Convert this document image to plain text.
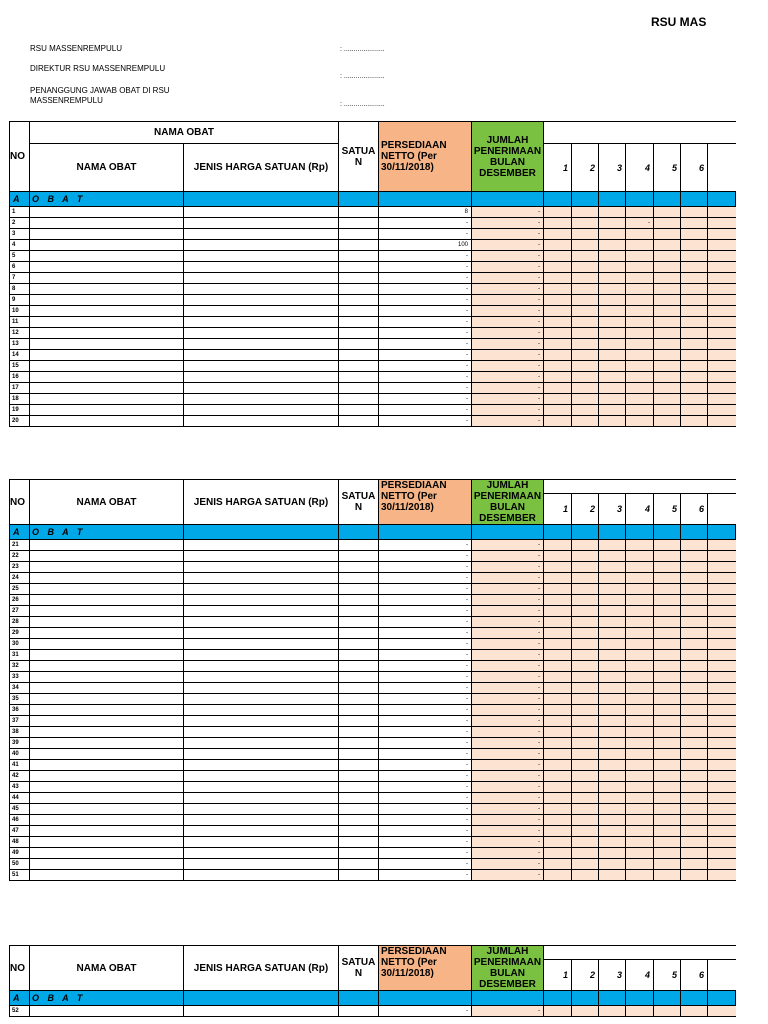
RSU MAS
RSU MASSENREMPULU	: .....................
DIREKTUR RSU MASSENREMPULU
: .....................
PENANGGUNG JAWAB OBAT DI RSU MASSENREMPULU	: .....................
NO	NAMA OBAT		SATUA N	PERSEDIAAN NETTO (Per 30/11/2018)	JUMLAH PENERIMAAN BULAN DESEMBER							
	NAMA OBAT	JENIS HARGA SATUAN (Rp)				1	2	3	4	5	6	
A	O B A T											
1				8	-							
2				-	-				-			
3				-	-							
4				100	-							
5				-	-							
6				-	-							
7				-	-							
8				-	-							
9				-	-							
10				-	-							
11				-	-							
12				-	-							
13				-	-							
14				-	-							
15				-	-							
16				-	-							
17				-	-							
18				-	-							
19				-	-							
20				-	-							
NO	NAMA OBAT	JENIS HARGA SATUAN (Rp)	SATUA N	PERSEDIAAN NETTO (Per 30/11/2018)	JUMLAH PENERIMAAN BULAN DESEMBER							
						1	2	3	4	5	6	
A	O B A T											
21				-	-							
22				-	-							
23				-	-							
24				-	-							
25				-	-							
26				-	-							
27				-	-							
28				-	-							
29				-	-							
30				-	-							
31				-	-							
32				-	-							
33				-	-							
34				-	-							
35				-	-							
36				-	-							
37				-	-							
38				-	-							
39				-	-							
40				-	-							
41				-	-							
42				-	-							
43				-	-							
44				-	-							
45				-	-							
46				-	-							
47				-	-							
48				-	-							
49				-	-							
50				-	-							
51				-	-							
NO	NAMA OBAT	JENIS HARGA SATUAN (Rp)	SATUA N	PERSEDIAAN NETTO (Per 30/11/2018)	JUMLAH PENERIMAAN BULAN DESEMBER							
						1	2	3	4	5	6	
A	O B A T											
52				-	-							
